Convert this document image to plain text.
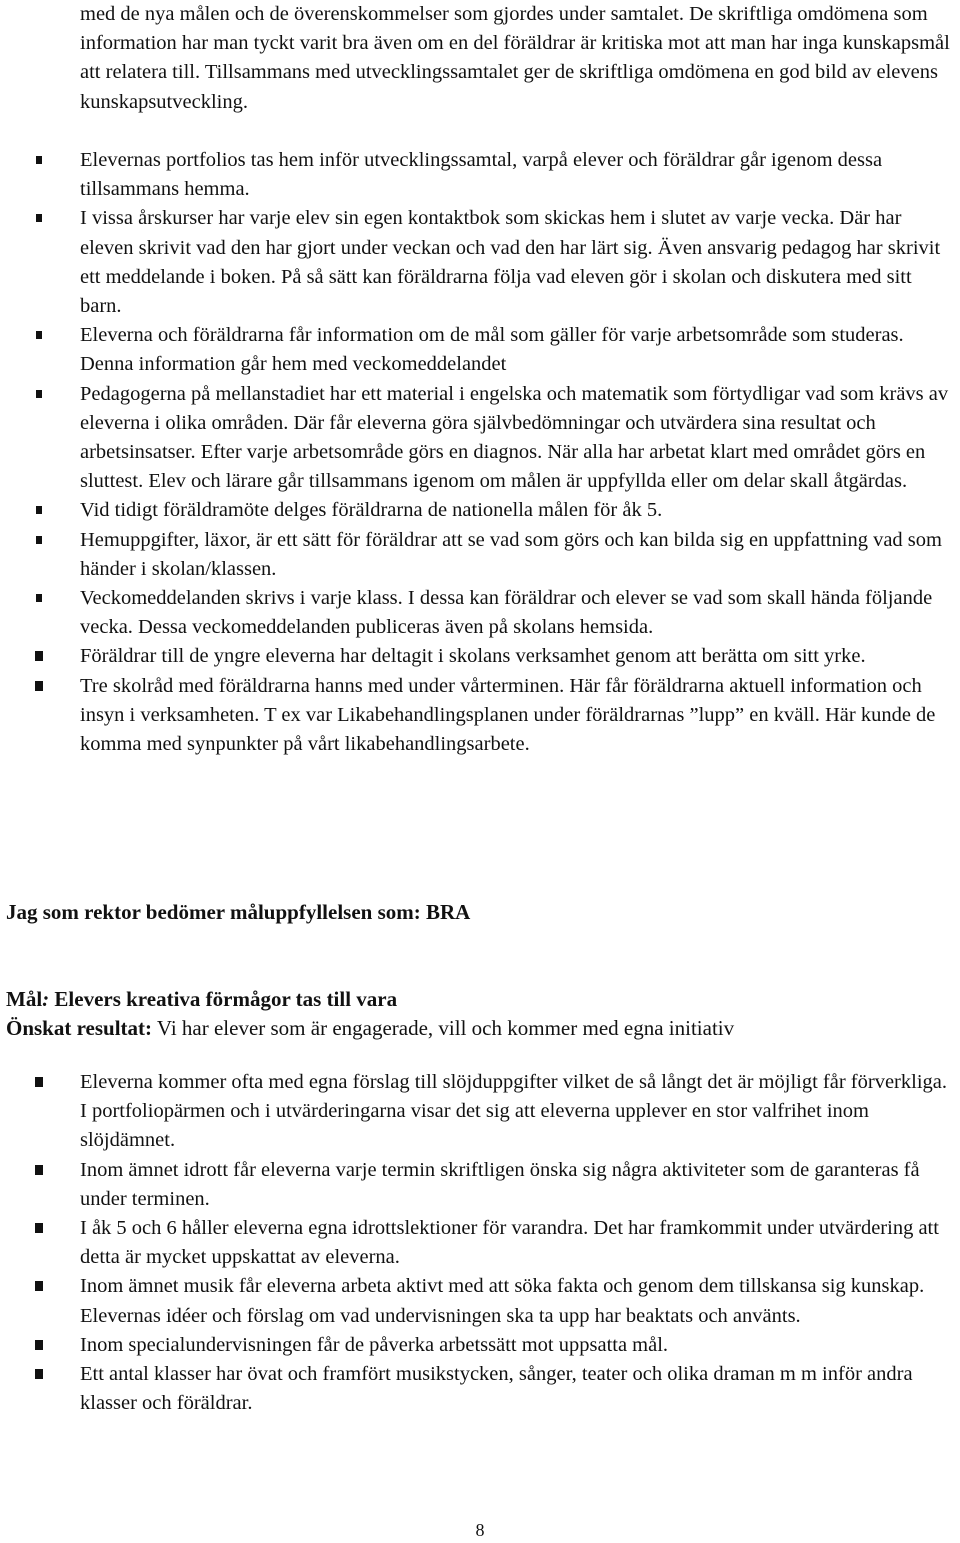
med de nya målen och de överenskommelser som gjordes under samtalet. De skriftliga omdömena som information har man tyckt varit bra även om en del föräldrar är kritiska mot att man har inga kunskapsmål att relatera till. Tillsammans med utvecklingssamtalet ger de skriftliga omdömena en god bild av elevens kunskapsutveckling.

Elevernas portfolios tas hem inför utvecklingssamtal, varpå elever och föräldrar går igenom dessa tillsammans hemma.
I vissa årskurser har varje elev sin egen kontaktbok som skickas hem i slutet av varje vecka. Där har eleven skrivit vad den har gjort under veckan och vad den har lärt sig. Även ansvarig pedagog har skrivit ett meddelande i boken. På så sätt kan föräldrarna följa vad eleven gör i skolan och diskutera med sitt barn.
Eleverna och föräldrarna får information om de mål som gäller för varje arbetsområde som studeras. Denna information går hem med veckomeddelandet
Pedagogerna på mellanstadiet har ett material i engelska och matematik som förtydligar vad som krävs av eleverna i olika områden. Där får eleverna göra självbedömningar och utvärdera sina resultat och arbetsinsatser. Efter varje arbetsområde görs en diagnos. När alla har arbetat klart med området görs en sluttest. Elev och lärare går tillsammans igenom om målen är uppfyllda eller om delar skall åtgärdas.
Vid tidigt föräldramöte delges föräldrarna de nationella målen för åk 5.
Hemuppgifter, läxor, är ett sätt för föräldrar att se vad som görs och kan bilda sig en uppfattning vad som händer i skolan/klassen.
Veckomeddelanden skrivs i varje klass. I dessa kan föräldrar och elever se vad som skall hända följande vecka. Dessa veckomeddelanden publiceras även på skolans hemsida.
Föräldrar till de yngre eleverna har deltagit i skolans verksamhet genom att berätta om sitt yrke.
Tre skolråd med föräldrarna hanns med under vårterminen. Här får föräldrarna aktuell information och insyn i verksamheten. T ex var Likabehandlingsplanen under föräldrarnas ”lupp” en kväll. Här kunde de komma med synpunkter på vårt likabehandlingsarbete.

Jag som rektor bedömer måluppfyllelsen som: BRA

Mål: Elevers kreativa förmågor tas till vara

Önskat resultat: Vi har elever som är engagerade, vill och kommer med egna initiativ

Eleverna kommer ofta med egna förslag till slöjduppgifter vilket de så långt det är möjligt får förverkliga. I portfoliopärmen och i utvärderingarna visar det sig att eleverna upplever en stor valfrihet inom slöjdämnet.
Inom ämnet idrott får eleverna varje termin skriftligen önska sig några aktiviteter som de garanteras få under terminen.
I åk 5 och 6 håller eleverna egna idrottslektioner för varandra. Det har framkommit under utvärdering att detta är mycket uppskattat av eleverna.
Inom ämnet musik får eleverna arbeta aktivt med att söka fakta och genom dem tillskansa sig kunskap. Elevernas idéer och förslag om vad undervisningen ska ta upp har beaktats och använts.
Inom specialundervisningen får de påverka arbetssätt mot uppsatta mål.
Ett antal klasser har övat och framfört musikstycken, sånger, teater och olika draman m m inför andra klasser och föräldrar.
8
